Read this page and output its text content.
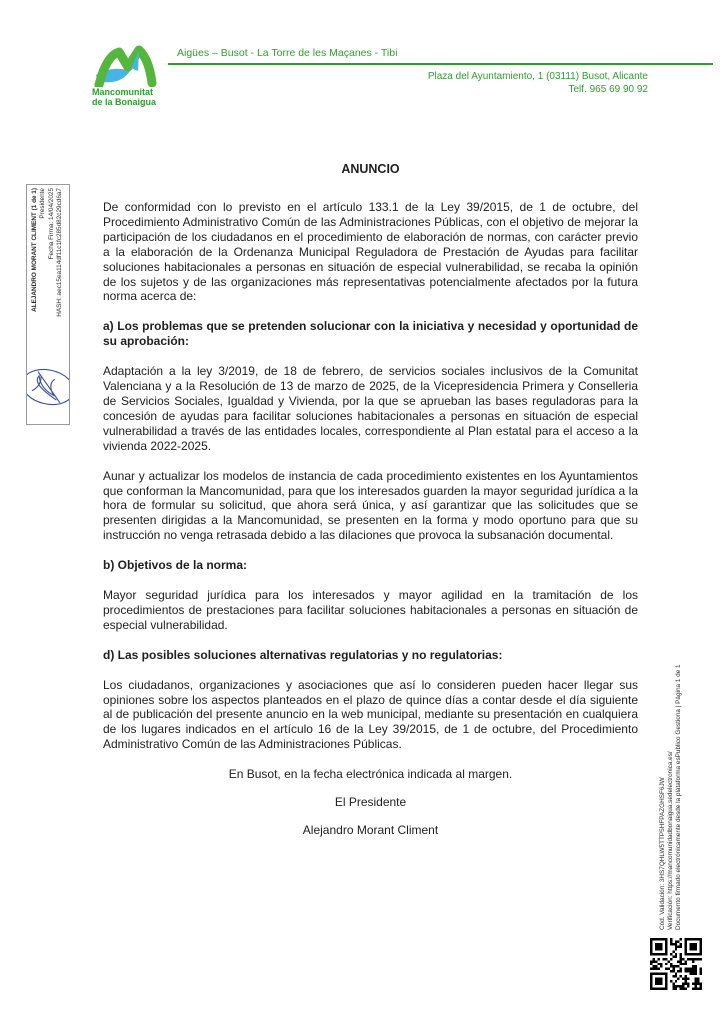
Mancomunitat
de la Bonaigua
Aigües – Busot - La Torre de les Maçanes - Tibi
Plaza del Ayuntamiento, 1 (03111) Busot, Alicante
Telf. 965 69 90 92
ALEJANDRO MORANT CLIMENT (1 de 1) Presidente Fecha Firma: 14/04/2025 HASH: aec15ea114df11c1fc285d82c29cd6a7
ANUNCIO
De conformidad con lo previsto en el artículo 133.1 de la Ley 39/2015, de 1 de octubre, del Procedimiento Administrativo Común de las Administraciones Públicas, con el objetivo de mejorar la participación de los ciudadanos en el procedimiento de elaboración de normas, con carácter previo a la elaboración de la Ordenanza Municipal Reguladora de Prestación de Ayudas para facilitar soluciones habitacionales a personas en situación de especial vulnerabilidad, se recaba la opinión de los sujetos y de las organizaciones más representativas potencialmente afectados por la futura norma acerca de:
a) Los problemas que se pretenden solucionar con la iniciativa y necesidad y oportunidad de su aprobación:
Adaptación a la ley 3/2019, de 18 de febrero, de servicios sociales inclusivos de la Comunitat Valenciana y a la Resolución de 13 de marzo de 2025, de la Vicepresidencia Primera y Conselleria de Servicios Sociales, Igualdad y Vivienda, por la que se aprueban las bases reguladoras para la concesión de ayudas para facilitar soluciones habitacionales a personas en situación de especial vulnerabilidad a través de las entidades locales, correspondiente al Plan estatal para el acceso a la vivienda 2022-2025.
Aunar y actualizar los modelos de instancia de cada procedimiento existentes en los Ayuntamientos que conforman la Mancomunidad, para que los interesados guarden la mayor seguridad jurídica a la hora de formular su solicitud, que ahora será única, y así garantizar que las solicitudes que se presenten dirigidas a la Mancomunidad, se presenten en la forma y modo oportuno para que su instrucción no venga retrasada debido a las dilaciones que provoca la subsanación documental.
b) Objetivos de la norma:
Mayor seguridad jurídica para los interesados y mayor agilidad en la tramitación de los procedimientos de prestaciones para facilitar soluciones habitacionales a personas en situación de especial vulnerabilidad.
d) Las posibles soluciones alternativas regulatorias y no regulatorias:
Los ciudadanos, organizaciones y asociaciones que así lo consideren pueden hacer llegar sus opiniones sobre los aspectos planteados en el plazo de quince días a contar desde el día siguiente al de publicación del presente anuncio en la web municipal, mediante su presentación en cualquiera de los lugares indicados en el artículo 16 de la Ley 39/2015, de 1 de octubre, del Procedimiento Administrativo Común de las Administraciones Públicas.
En Busot, en la fecha electrónica indicada al margen.
El Presidente
Alejandro Morant Climent	Cód. Validación: 3HS7QHLW5TTP5HFPAZGHSF6JW Verificación: https://mancomunidadbonaigua.sedelectronica.es/ Documento firmado electrónicamente desde la plataforma esPublico Gestiona | Página 1 de 1
